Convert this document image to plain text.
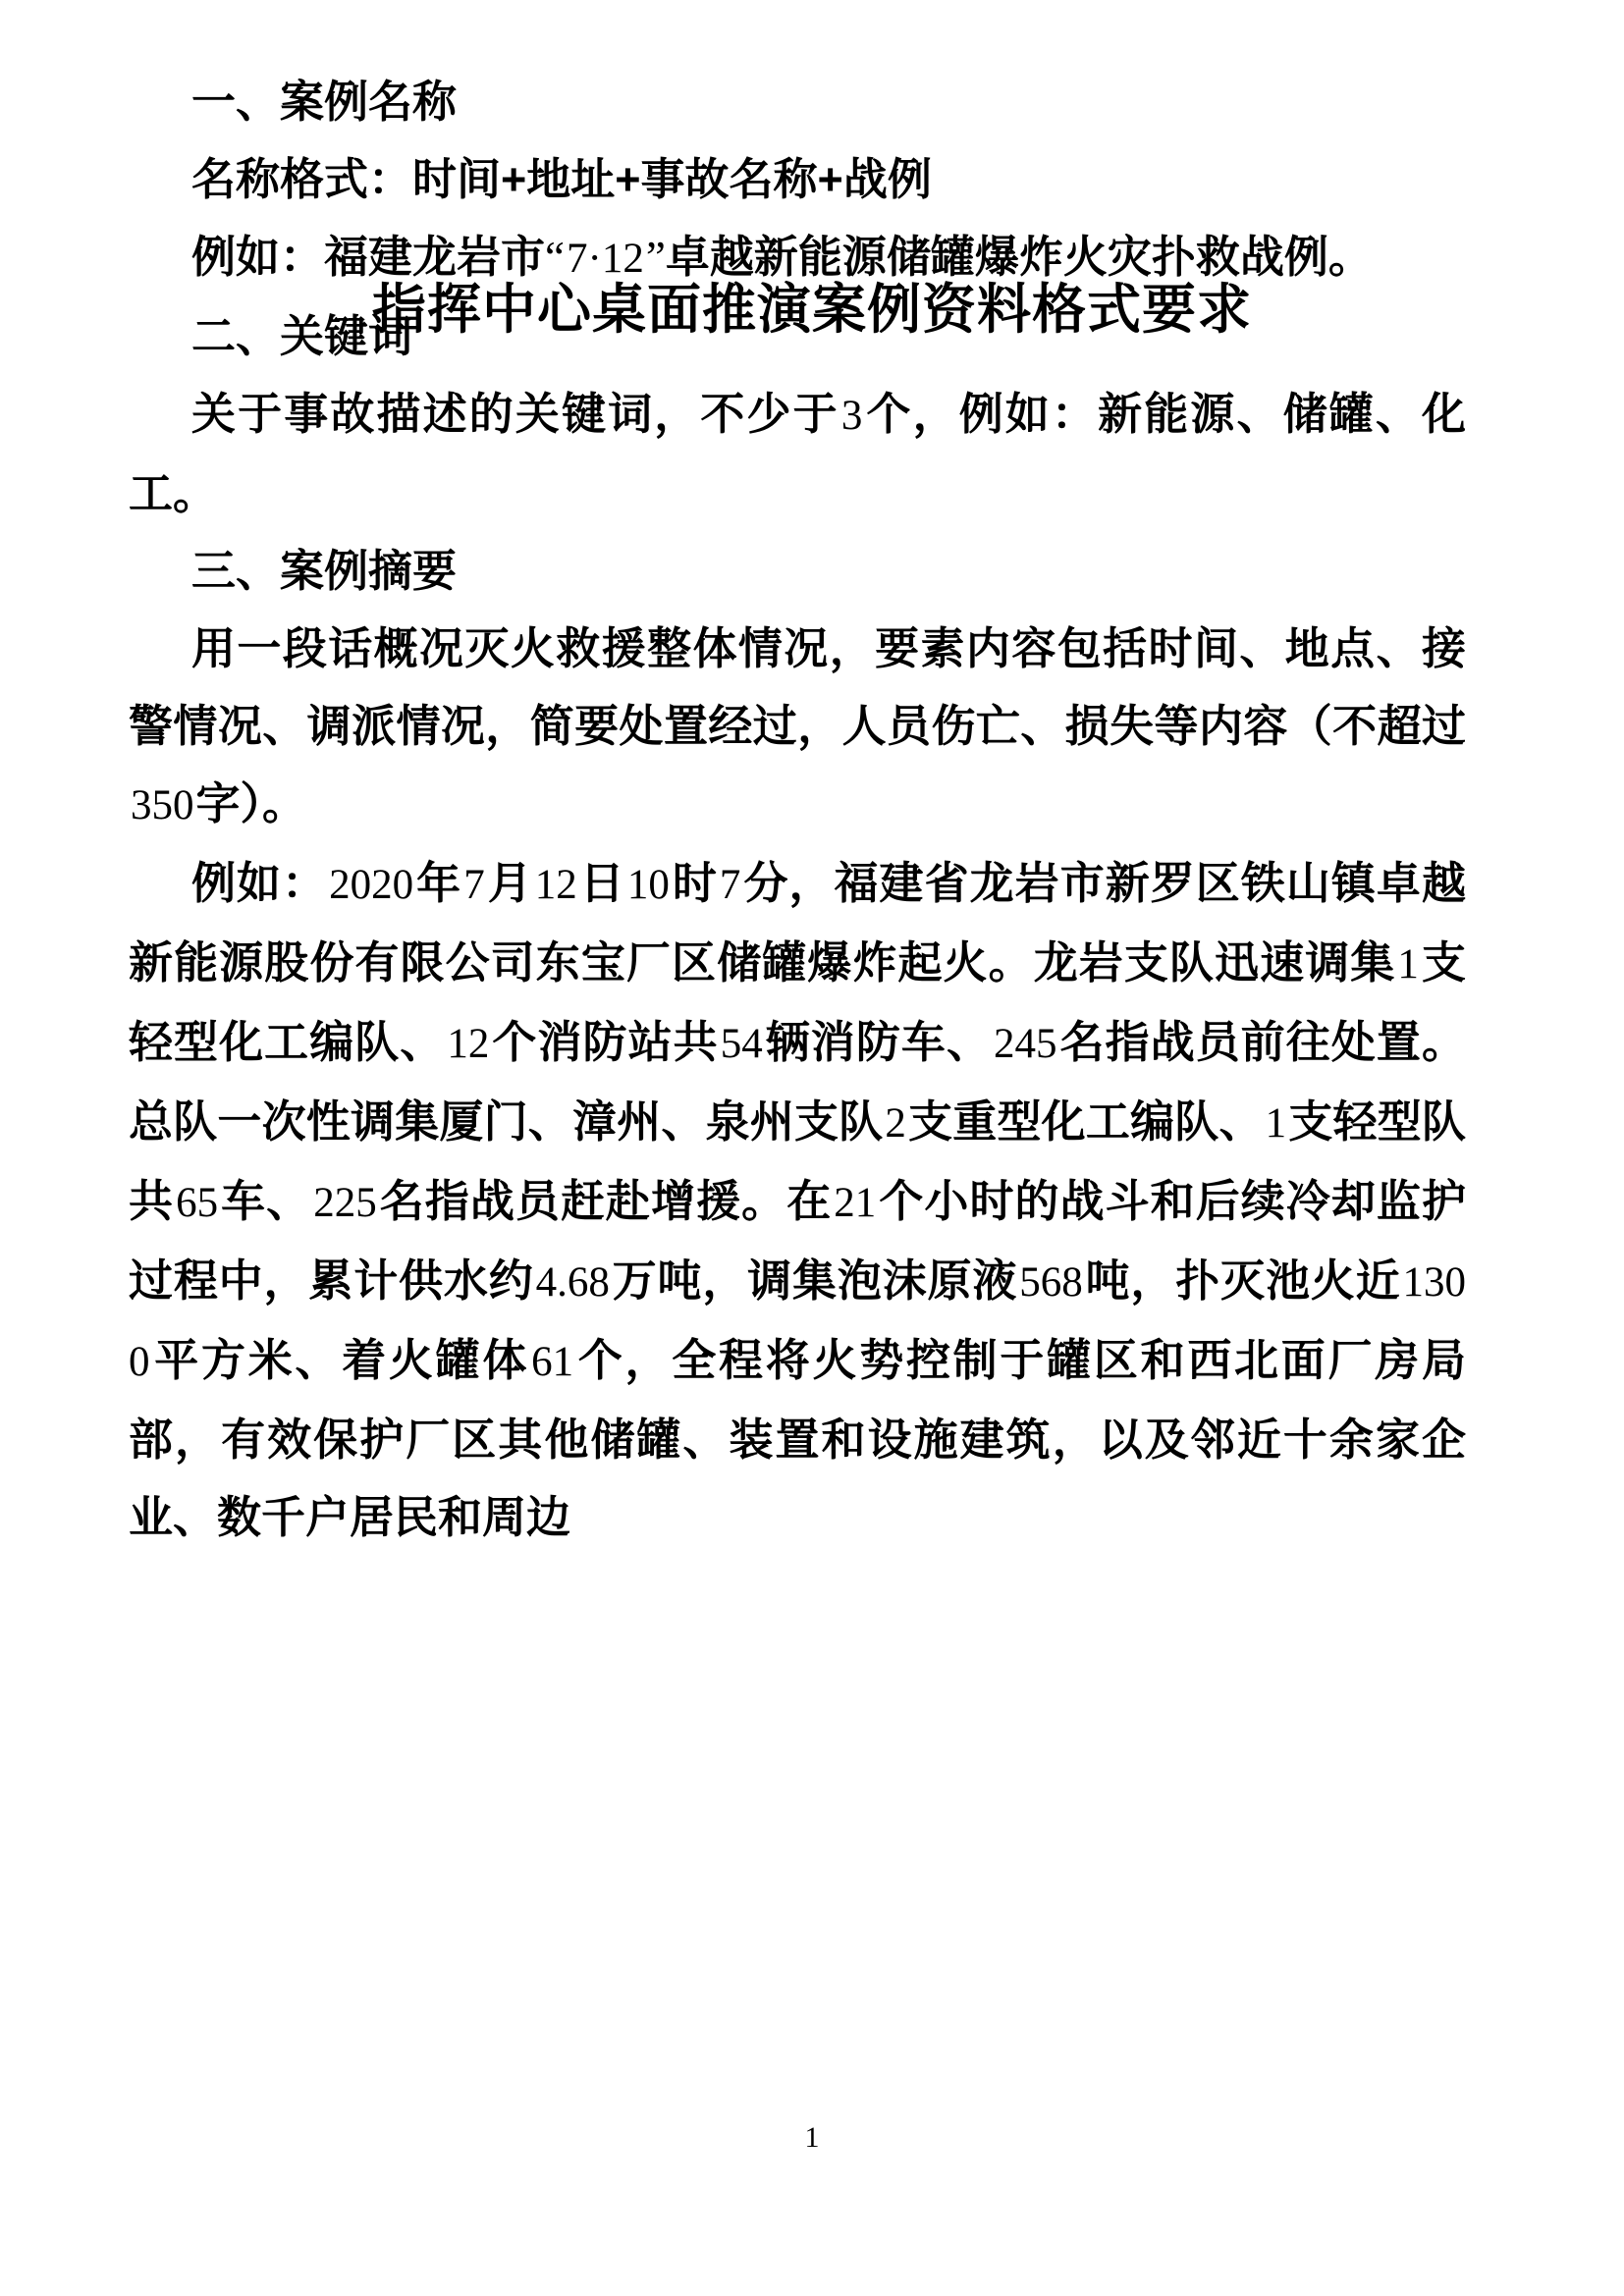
指挥中心桌面推演案例资料格式要求

一、案例名称

名称格式：时间+地址+事故名称+战例

例如：福建龙岩市“7·12”卓越新能源储罐爆炸火灾扑救战例。

二、关键词

关于事故描述的关键词，不少于3个，例如：新能源、储罐、化工。

三、案例摘要

用一段话概况灭火救援整体情况，要素内容包括时间、地点、接警情况、调派情况，简要处置经过，人员伤亡、损失等内容（不超过350字）。

例如：2020年7月12日10时7分，福建省龙岩市新罗区铁山镇卓越新能源股份有限公司东宝厂区储罐爆炸起火。龙岩支队迅速调集1支轻型化工编队、12个消防站共54辆消防车、245名指战员前往处置。总队一次性调集厦门、漳州、泉州支队2支重型化工编队、1支轻型队共65车、225名指战员赶赴增援。在21个小时的战斗和后续冷却监护过程中，累计供水约4.68万吨，调集泡沫原液568吨，扑灭池火近1300平方米、着火罐体61个，全程将火势控制于罐区和西北面厂房局部，有效保护厂区其他储罐、装置和设施建筑，以及邻近十余家企业、数千户居民和周边

1
